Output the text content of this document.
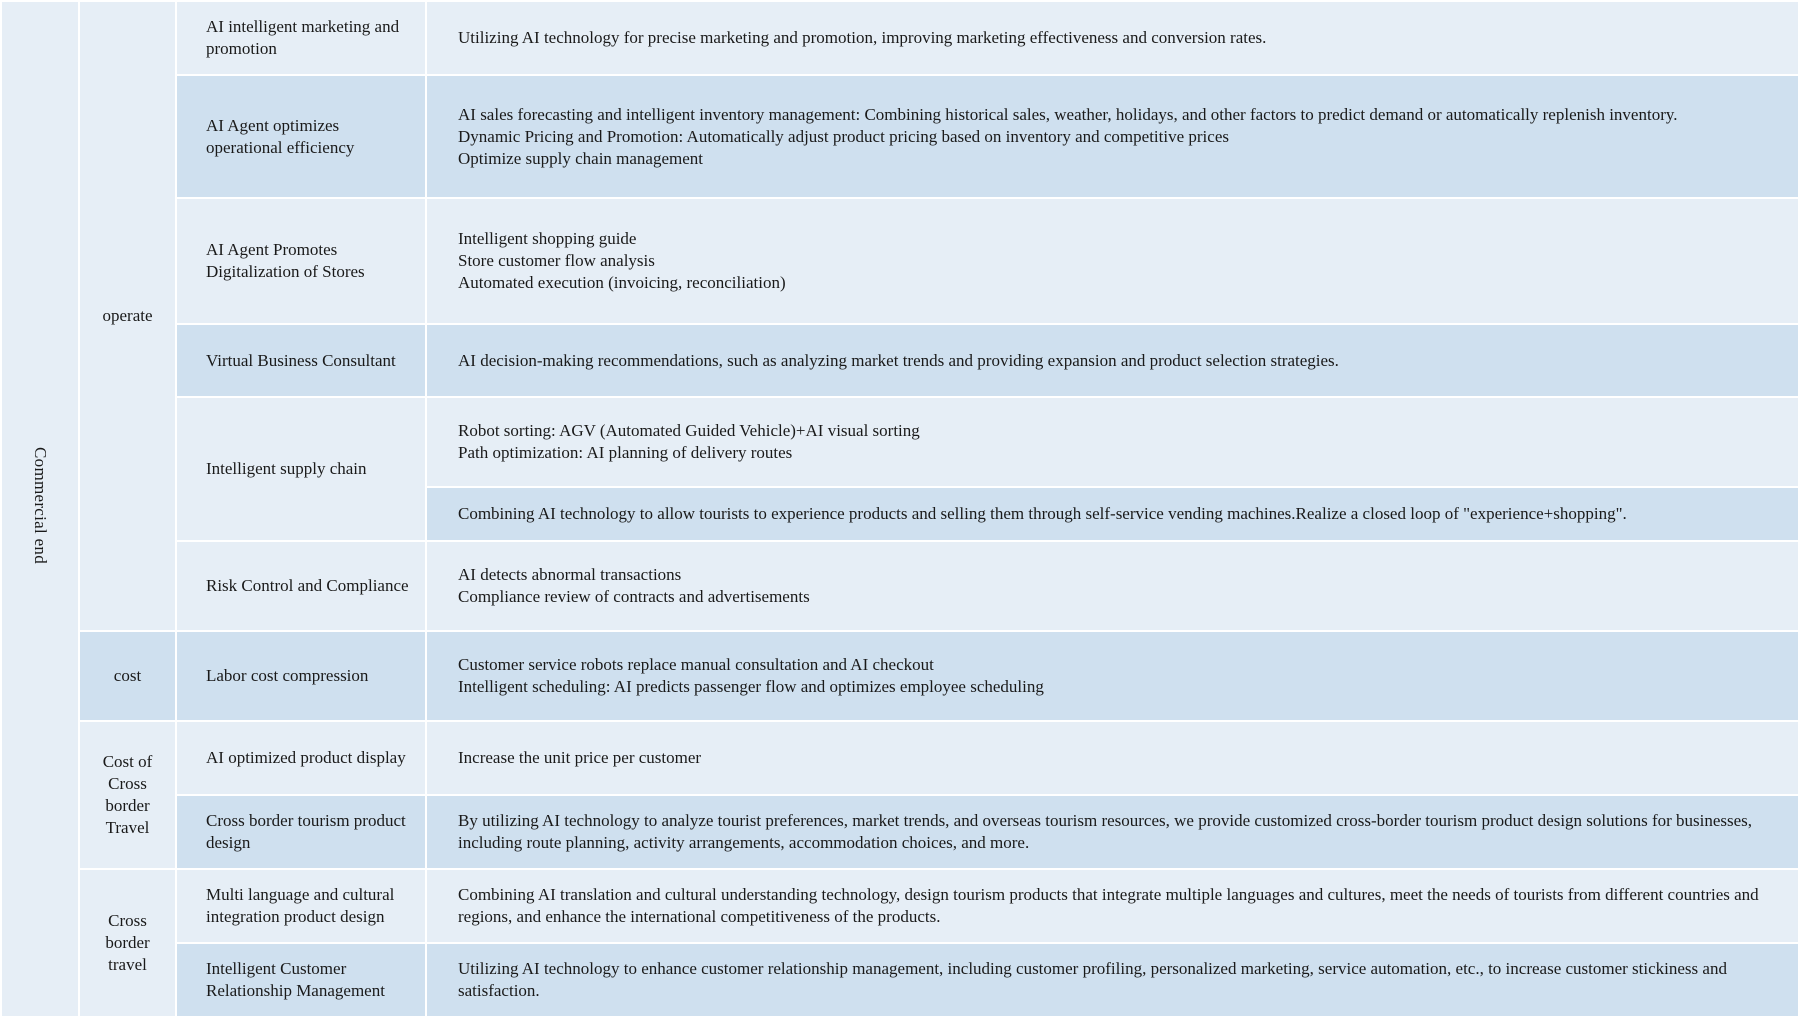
Commercial end	operate	AI intelligent marketing and promotion	Utilizing AI technology for precise marketing and promotion, improving marketing effectiveness and conversion rates.

		AI Agent optimizes operational efficiency	AI sales forecasting and intelligent inventory management: Combining historical sales, weather, holidays, and other factors to predict demand or automatically replenish inventory.
Dynamic Pricing and Promotion: Automatically adjust product pricing based on inventory and competitive prices
Optimize supply chain management

		AI Agent Promotes Digitalization of Stores	Intelligent shopping guide
Store customer flow analysis
Automated execution (invoicing, reconciliation)

		Virtual Business Consultant	AI decision-making recommendations, such as analyzing market trends and providing expansion and product selection strategies.

		Intelligent supply chain	Robot sorting: AGV (Automated Guided Vehicle)+AI visual sorting
Path optimization: AI planning of delivery routes

			Combining AI technology to allow tourists to experience products and selling them through self-service vending machines.Realize a closed loop of "experience+shopping".

		Risk Control and Compliance	AI detects abnormal transactions
Compliance review of contracts and advertisements

	cost	Labor cost compression	Customer service robots replace manual consultation and AI checkout
Intelligent scheduling: AI predicts passenger flow and optimizes employee scheduling

	Cost of Cross border Travel	AI optimized product display	Increase the unit price per customer

		Cross border tourism product design	By utilizing AI technology to analyze tourist preferences, market trends, and overseas tourism resources, we provide customized cross-border tourism product design solutions for businesses, including route planning, activity arrangements, accommodation choices, and more.

	Cross border travel	Multi language and cultural integration product design	Combining AI translation and cultural understanding technology, design tourism products that integrate multiple languages and cultures, meet the needs of tourists from different countries and regions, and enhance the international competitiveness of the products.

		Intelligent Customer Relationship Management	Utilizing AI technology to enhance customer relationship management, including customer profiling, personalized marketing, service automation, etc., to increase customer stickiness and satisfaction.
